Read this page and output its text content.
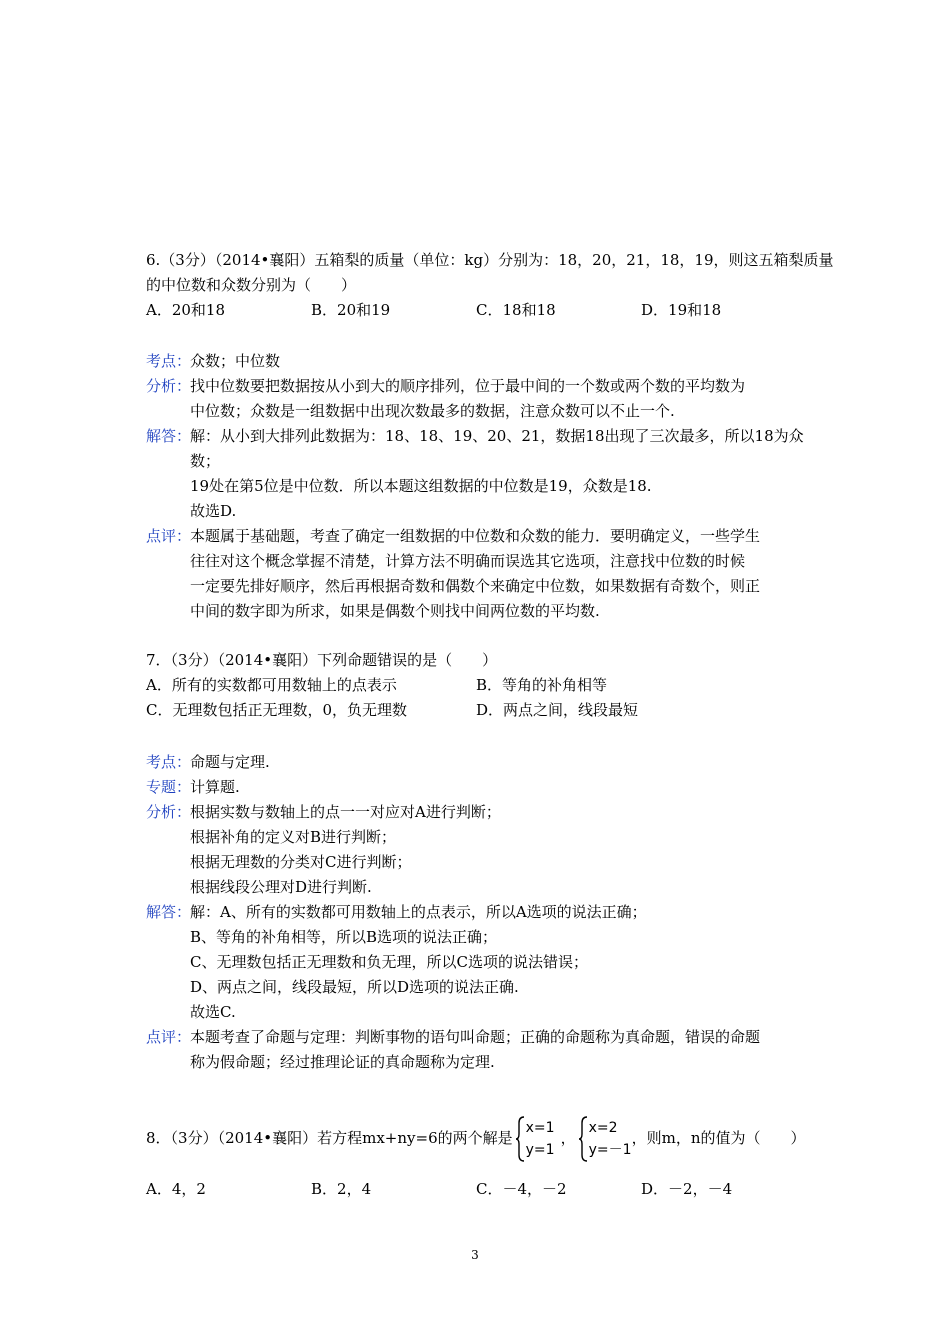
6.（3分）（2014•襄阳）五箱梨的质量（单位：kg）分别为：18，20，21，18，19，则这五箱梨质量
的中位数和众数分别为（　　）
A．20和18	B．20和19	C．18和18	D．19和18
考点：
众数；中位数
分析：
找中位数要把数据按从小到大的顺序排列，位于最中间的一个数或两个数的平均数为
中位数；众数是一组数据中出现次数最多的数据，注意众数可以不止一个.
解答：
解：从小到大排列此数据为：18、18、19、20、21，数据18出现了三次最多，所以18为众
数；
19处在第5位是中位数．所以本题这组数据的中位数是19，众数是18.
故选D.
点评：
本题属于基础题，考查了确定一组数据的中位数和众数的能力．要明确定义，一些学生
往往对这个概念掌握不清楚，计算方法不明确而误选其它选项，注意找中位数的时候
一定要先排好顺序，然后再根据奇数和偶数个来确定中位数，如果数据有奇数个，则正
中间的数字即为所求，如果是偶数个则找中间两位数的平均数.
7．（3分）（2014•襄阳）下列命题错误的是（　　）
A．所有的实数都可用数轴上的点表示	B．等角的补角相等
C．无理数包括正无理数，0，负无理数	D．两点之间，线段最短
考点：
命题与定理.
专题：
计算题.
分析：
根据实数与数轴上的点一一对应对A进行判断；
根据补角的定义对B进行判断；
根据无理数的分类对C进行判断；
根据线段公理对D进行判断.
解答：
解：A、所有的实数都可用数轴上的点表示，所以A选项的说法正确；
B、等角的补角相等，所以B选项的说法正确；
C、无理数包括正无理数和负无理，所以C选项的说法错误；
D、两点之间，线段最短，所以D选项的说法正确.
故选C.
点评：
本题考查了命题与定理：判断事物的语句叫命题；正确的命题称为真命题，错误的命题
称为假命题；经过推理论证的真命题称为定理.
8．（3分）（2014•襄阳）若方程mx+ny=6的两个解是
x=1
y=1
，
x=2
y=－1
，则m，n的值为（　　）
A．4，2	B．2，4	C．－4，－2	D．－2，－4
3
